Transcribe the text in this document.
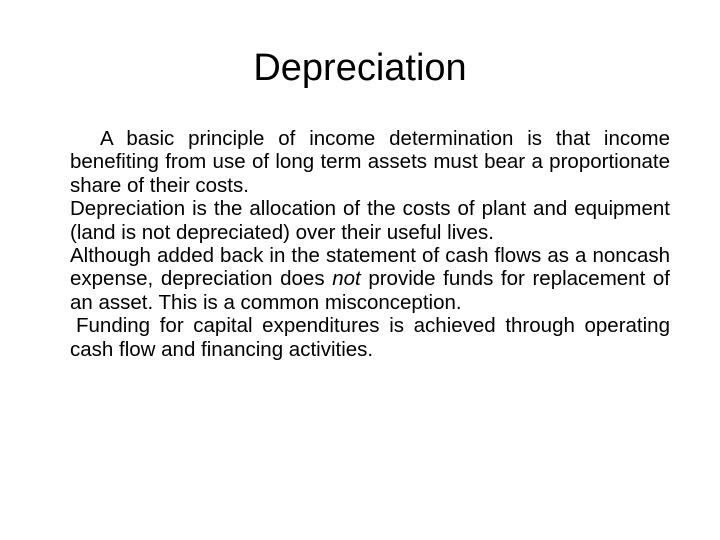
Depreciation

A basic principle of income determination is that income benefiting from use of long term assets must bear a proportionate share of their costs.

Depreciation is the allocation of the costs of plant and equipment (land is not depreciated) over their useful lives.

Although added back in the statement of cash flows as a noncash expense, depreciation does not provide funds for replacement of an asset. This is a common misconception.

Funding for capital expenditures is achieved through operating cash flow and financing activities.
